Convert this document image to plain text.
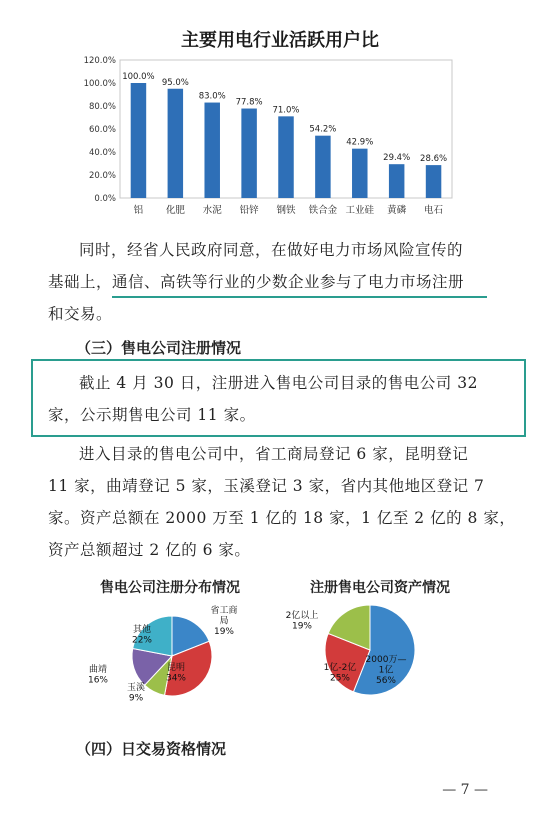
主要用电行业活跃用户比
0.0%
20.0%
40.0%
60.0%
80.0%
100.0%
120.0%
100.0%
铝
95.0%
化肥
83.0%
水泥
77.8%
铅锌
71.0%
钢铁
54.2%
铁合金
42.9%
工业硅
29.4%
黄磷
28.6%
电石
同时，经省人民政府同意，在做好电力市场风险宣传的
基础上，通信、高铁等行业的少数企业参与了电力市场注册
和交易。
（三）售电公司注册情况
截止 4 月 30 日，注册进入售电公司目录的售电公司 32
家，公示期售电公司 11 家。
进入目录的售电公司中，省工商局登记 6 家，昆明登记
11 家，曲靖登记 5 家，玉溪登记 3 家，省内其他地区登记 7
家。资产总额在 2000 万至 1 亿的 18 家，1 亿至 2 亿的 8 家，
资产总额超过 2 亿的 6 家。
售电公司注册分布情况	注册售电公司资产情况
省工商局 19%
昆明 34%
玉溪 9%
曲靖 16%
其他 22%
2000万— 1亿 56%
1亿-2亿 25%
2亿以上 19%
（四）日交易资格情况
— 7 —
